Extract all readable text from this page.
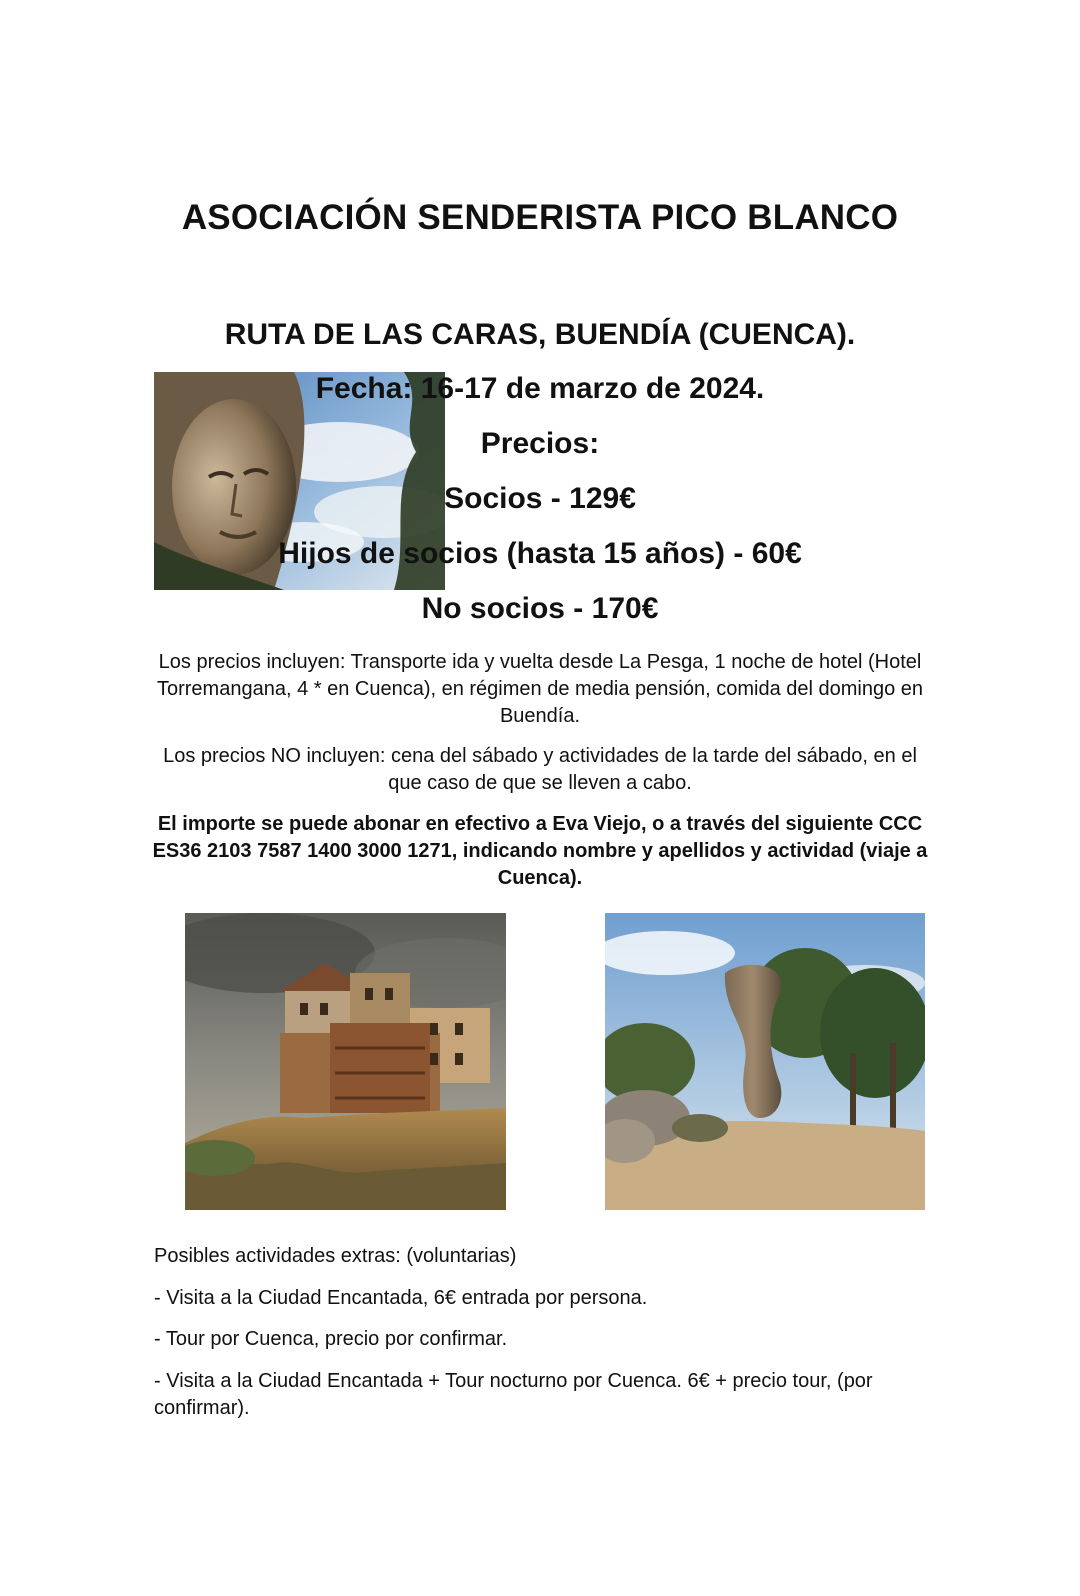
ASOCIACIÓN SENDERISTA PICO BLANCO
RUTA DE LAS CARAS, BUENDÍA (CUENCA).

Fecha: 16-17 de marzo de 2024.

Precios:

Socios - 129€

Hijos de socios (hasta 15 años) - 60€

No socios - 170€

Los precios incluyen: Transporte ida y vuelta desde La Pesga, 1 noche de hotel (Hotel Torremangana, 4 * en Cuenca), en régimen de media pensión, comida del domingo en Buendía.

Los precios NO incluyen: cena del sábado y actividades de la tarde del sábado, en el que caso de que se lleven a cabo.

El importe se puede abonar en efectivo a Eva Viejo, o a través del siguiente CCC ES36 2103 7587 1400 3000 1271, indicando nombre y apellidos y actividad (viaje a Cuenca).

Posibles actividades extras: (voluntarias)

- Visita a la Ciudad Encantada, 6€ entrada por persona.

- Tour por Cuenca, precio por confirmar.

- Visita a la Ciudad Encantada + Tour nocturno por Cuenca. 6€ + precio tour, (por confirmar).
